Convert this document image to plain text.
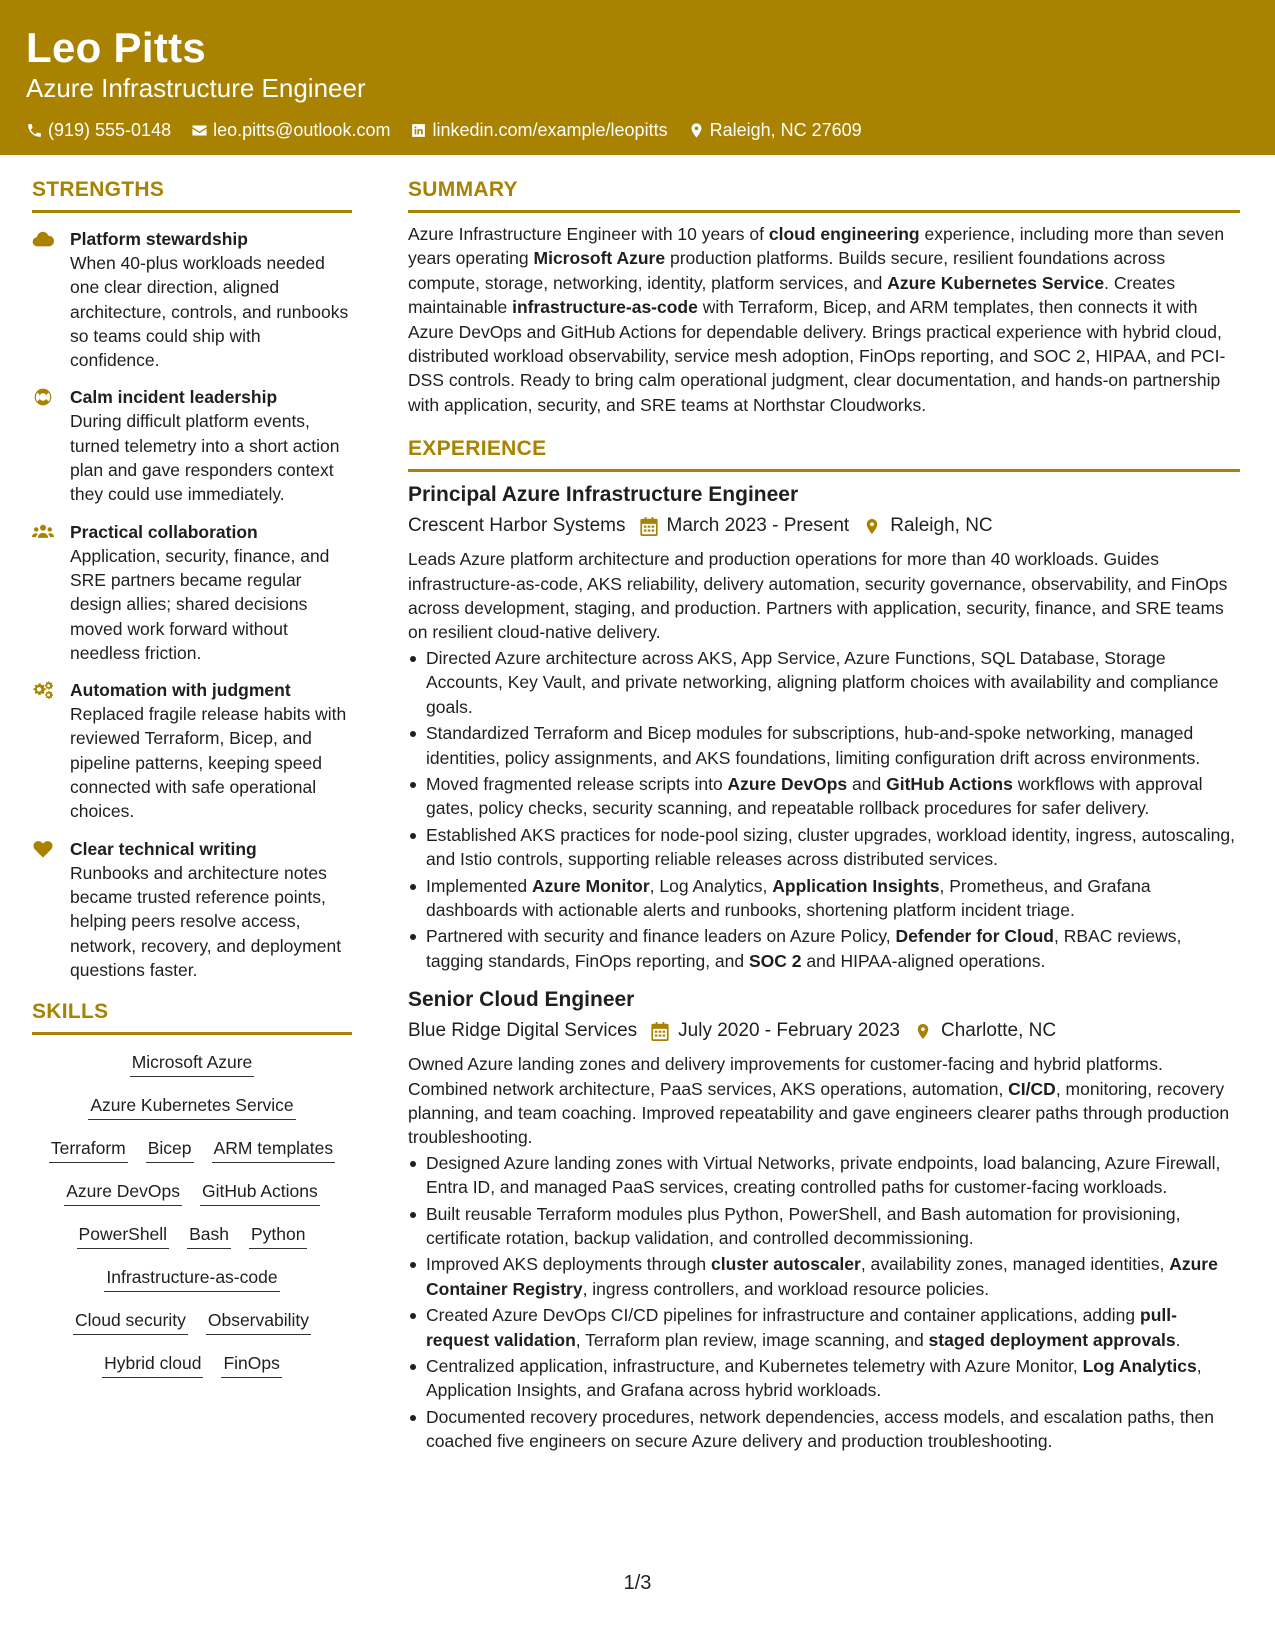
Leo Pitts
Azure Infrastructure Engineer
(919) 555-0148 leo.pitts@outlook.com linkedin.com/example/leopitts Raleigh, NC 27609
STRENGTHS
Platform stewardship
When 40-plus workloads needed one clear direction, aligned architecture, controls, and runbooks so teams could ship with confidence.
Calm incident leadership
During difficult platform events, turned telemetry into a short action plan and gave responders context they could use immediately.
Practical collaboration
Application, security, finance, and SRE partners became regular design allies; shared decisions moved work forward without needless friction.
Automation with judgment
Replaced fragile release habits with reviewed Terraform, Bicep, and pipeline patterns, keeping speed connected with safe operational choices.
Clear technical writing
Runbooks and architecture notes became trusted reference points, helping peers resolve access, network, recovery, and deployment questions faster.
SKILLS
Microsoft Azure
Azure Kubernetes Service
Terraform Bicep ARM templates
Azure DevOps GitHub Actions
PowerShell Bash Python
Infrastructure-as-code
Cloud security Observability
Hybrid cloud FinOps
SUMMARY
Azure Infrastructure Engineer with 10 years of cloud engineering experience, including more than seven years operating Microsoft Azure production platforms. Builds secure, resilient foundations across compute, storage, networking, identity, platform services, and Azure Kubernetes Service. Creates maintainable infrastructure-as-code with Terraform, Bicep, and ARM templates, then connects it with Azure DevOps and GitHub Actions for dependable delivery. Brings practical experience with hybrid cloud, distributed workload observability, service mesh adoption, FinOps reporting, and SOC 2, HIPAA, and PCI-DSS controls. Ready to bring calm operational judgment, clear documentation, and hands-on partnership with application, security, and SRE teams at Northstar Cloudworks.
EXPERIENCE
Principal Azure Infrastructure Engineer
Crescent Harbor Systems March 2023 - Present Raleigh, NC
Leads Azure platform architecture and production operations for more than 40 workloads. Guides infrastructure-as-code, AKS reliability, delivery automation, security governance, observability, and FinOps across development, staging, and production. Partners with application, security, finance, and SRE teams on resilient cloud-native delivery.
Directed Azure architecture across AKS, App Service, Azure Functions, SQL Database, Storage Accounts, Key Vault, and private networking, aligning platform choices with availability and compliance goals.
Standardized Terraform and Bicep modules for subscriptions, hub-and-spoke networking, managed identities, policy assignments, and AKS foundations, limiting configuration drift across environments.
Moved fragmented release scripts into Azure DevOps and GitHub Actions workflows with approval gates, policy checks, security scanning, and repeatable rollback procedures for safer delivery.
Established AKS practices for node-pool sizing, cluster upgrades, workload identity, ingress, autoscaling, and Istio controls, supporting reliable releases across distributed services.
Implemented Azure Monitor, Log Analytics, Application Insights, Prometheus, and Grafana dashboards with actionable alerts and runbooks, shortening platform incident triage.
Partnered with security and finance leaders on Azure Policy, Defender for Cloud, RBAC reviews, tagging standards, FinOps reporting, and SOC 2 and HIPAA-aligned operations.
Senior Cloud Engineer
Blue Ridge Digital Services July 2020 - February 2023 Charlotte, NC
Owned Azure landing zones and delivery improvements for customer-facing and hybrid platforms. Combined network architecture, PaaS services, AKS operations, automation, CI/CD, monitoring, recovery planning, and team coaching. Improved repeatability and gave engineers clearer paths through production troubleshooting.
Designed Azure landing zones with Virtual Networks, private endpoints, load balancing, Azure Firewall, Entra ID, and managed PaaS services, creating controlled paths for customer-facing workloads.
Built reusable Terraform modules plus Python, PowerShell, and Bash automation for provisioning, certificate rotation, backup validation, and controlled decommissioning.
Improved AKS deployments through cluster autoscaler, availability zones, managed identities, Azure Container Registry, ingress controllers, and workload resource policies.
Created Azure DevOps CI/CD pipelines for infrastructure and container applications, adding pull-request validation, Terraform plan review, image scanning, and staged deployment approvals.
Centralized application, infrastructure, and Kubernetes telemetry with Azure Monitor, Log Analytics, Application Insights, and Grafana across hybrid workloads.
Documented recovery procedures, network dependencies, access models, and escalation paths, then coached five engineers on secure Azure delivery and production troubleshooting.
1/3
